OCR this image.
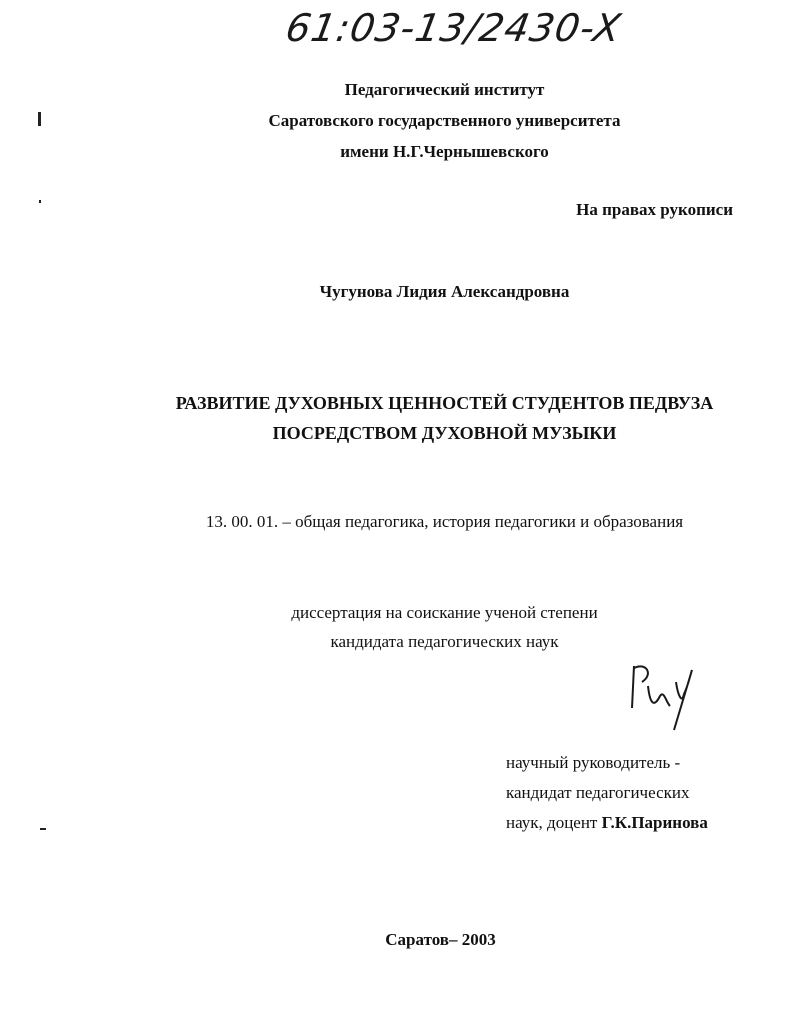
61:03-13/2430-X
Педагогический институт
Саратовского государственного университета
имени Н.Г.Чернышевского
На правах рукописи
Чугунова Лидия Александровна
РАЗВИТИЕ ДУХОВНЫХ ЦЕННОСТЕЙ СТУДЕНТОВ ПЕДВУЗА
ПОСРЕДСТВОМ ДУХОВНОЙ МУЗЫКИ
13. 00. 01. – общая педагогика, история педагогики и образования
диссертация на соискание ученой степени
кандидата педагогических наук
научный руководитель -
кандидат педагогических
наук, доцент Г.К.Паринова
Саратов– 2003
